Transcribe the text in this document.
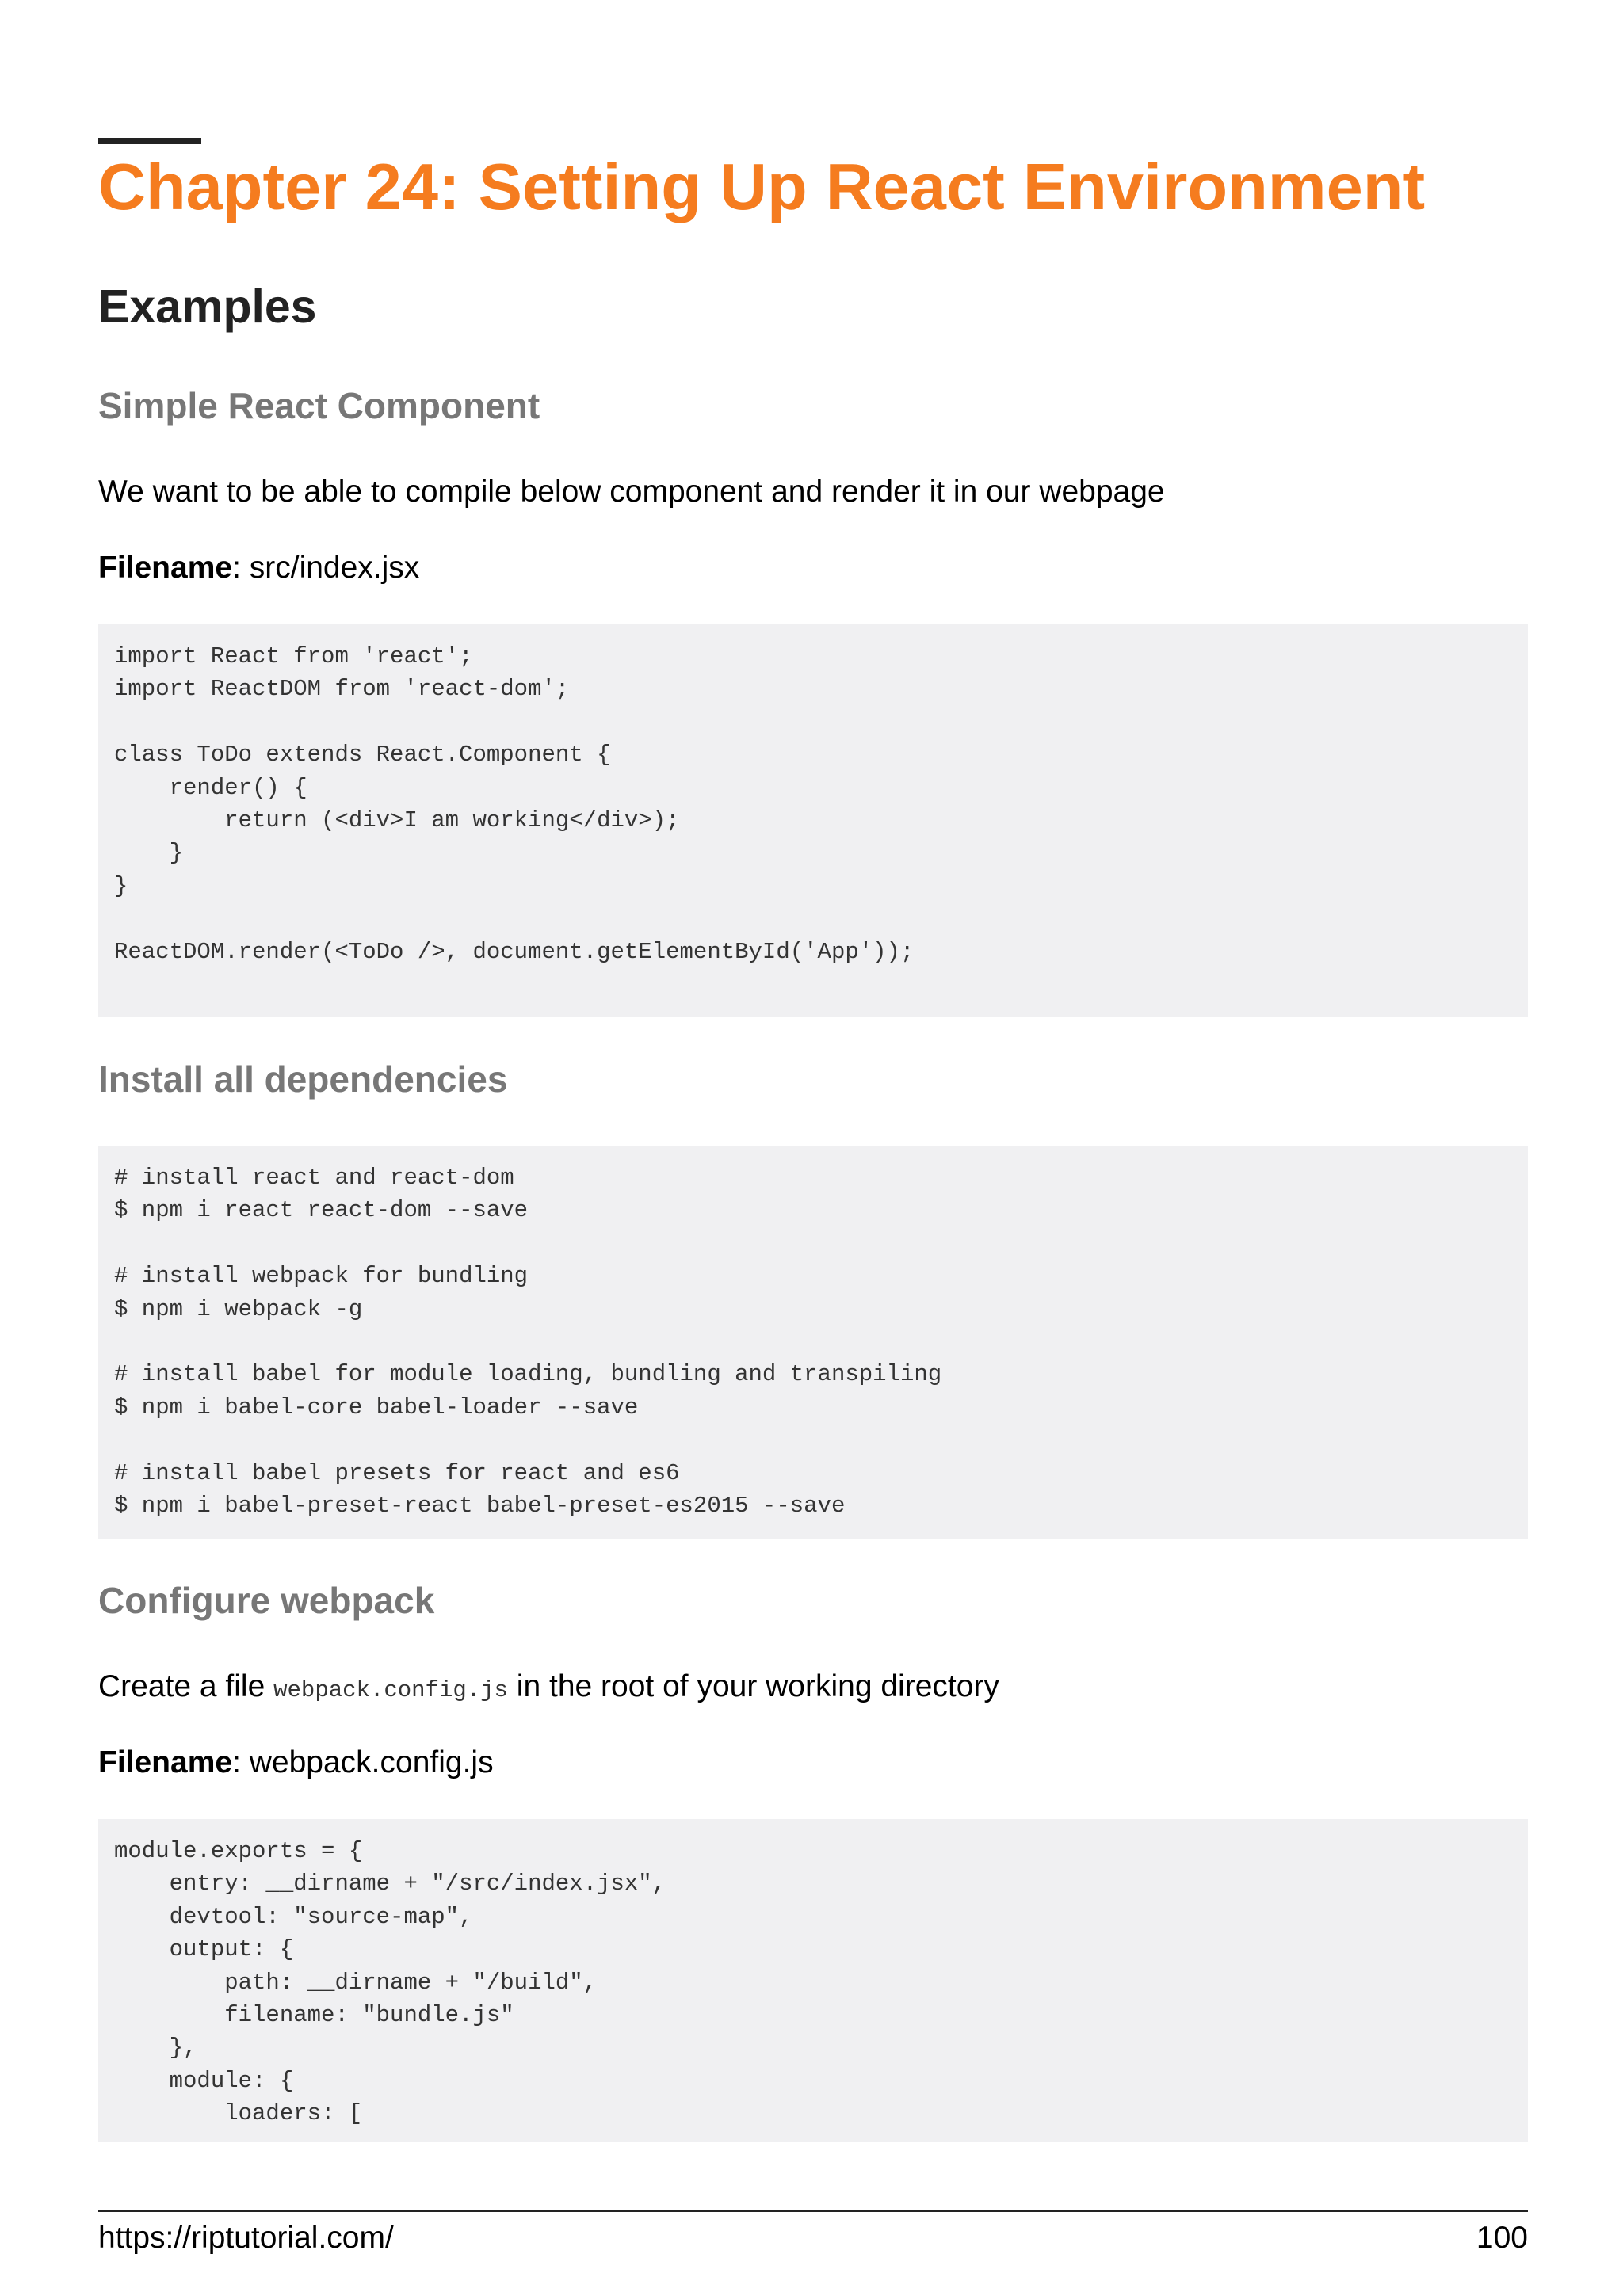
Chapter 24: Setting Up React Environment
Examples
Simple React Component

We want to be able to compile below component and render it in our webpage

Filename: src/index.jsx

import React from 'react';
import ReactDOM from 'react-dom';

class ToDo extends React.Component {
render() {
return (<div>I am working</div>);
}
}

ReactDOM.render(<ToDo />, document.getElementById('App'));
Install all dependencies
# install react and react-dom
$ npm i react react-dom --save

# install webpack for bundling
$ npm i webpack -g

# install babel for module loading, bundling and transpiling
$ npm i babel-core babel-loader --save

# install babel presets for react and es6
$ npm i babel-preset-react babel-preset-es2015 --save
Configure webpack

Create a file webpack.config.js in the root of your working directory

Filename: webpack.config.js

module.exports = {
entry: __dirname + "/src/index.jsx",
devtool: "source-map",
output: {
path: __dirname + "/build",
filename: "bundle.js"
},
module: {
loaders: [
https://riptutorial.com/	100
